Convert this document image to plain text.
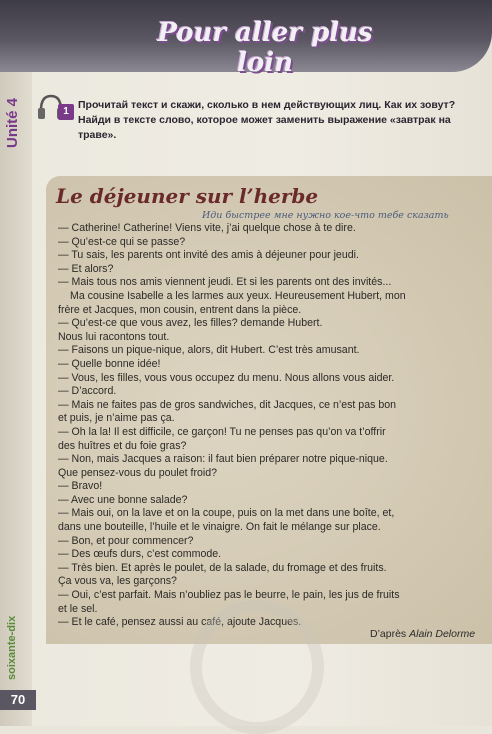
Pour aller plus loin
Unité 4
soixante-dix
70
1
Прочитай текст и скажи, сколько в нем действующих лиц. Как их зовут?
Найди в тексте слово, которое может заменить выражение «завтрак на
траве».
Le déjeuner sur l’herbe
Иди быстрее мне нужно кое-что тебе сказать

— Catherine! Catherine! Viens vite, j’ai quelque chose à te dire.

— Qu’est-ce qui se passe?

— Tu sais, les parents ont invité des amis à déjeuner pour jeudi.

— Et alors?

— Mais tous nos amis viennent jeudi. Et si les parents ont des invités...

Ma cousine Isabelle a les larmes aux yeux. Heureusement Hubert, mon

frère et Jacques, mon cousin, entrent dans la pièce.

— Qu’est-ce que vous avez, les filles? demande Hubert.

Nous lui racontons tout.

— Faisons un pique-nique, alors, dit Hubert. C’est très amusant.

— Quelle bonne idée!

— Vous, les filles, vous vous occupez du menu. Nous allons vous aider.

— D’accord.

— Mais ne faites pas de gros sandwiches, dit Jacques, ce n’est pas bon

et puis, je n’aime pas ça.

— Oh la la! Il est difficile, ce garçon! Tu ne penses pas qu’on va t’offrir

des huîtres et du foie gras?

— Non, mais Jacques a raison: il faut bien préparer notre pique-nique.

Que pensez-vous du poulet froid?

— Bravo!

— Avec une bonne salade?

— Mais oui, on la lave et on la coupe, puis on la met dans une boîte, et,

dans une bouteille, l’huile et le vinaigre. On fait le mélange sur place.

— Bon, et pour commencer?

— Des œufs durs, c’est commode.

— Très bien. Et après le poulet, de la salade, du fromage et des fruits.

Ça vous va, les garçons?

— Oui, c’est parfait. Mais n’oubliez pas le beurre, le pain, les jus de fruits

et le sel.

— Et le café, pensez aussi au café, ajoute Jacques.

D’après Alain Delorme
